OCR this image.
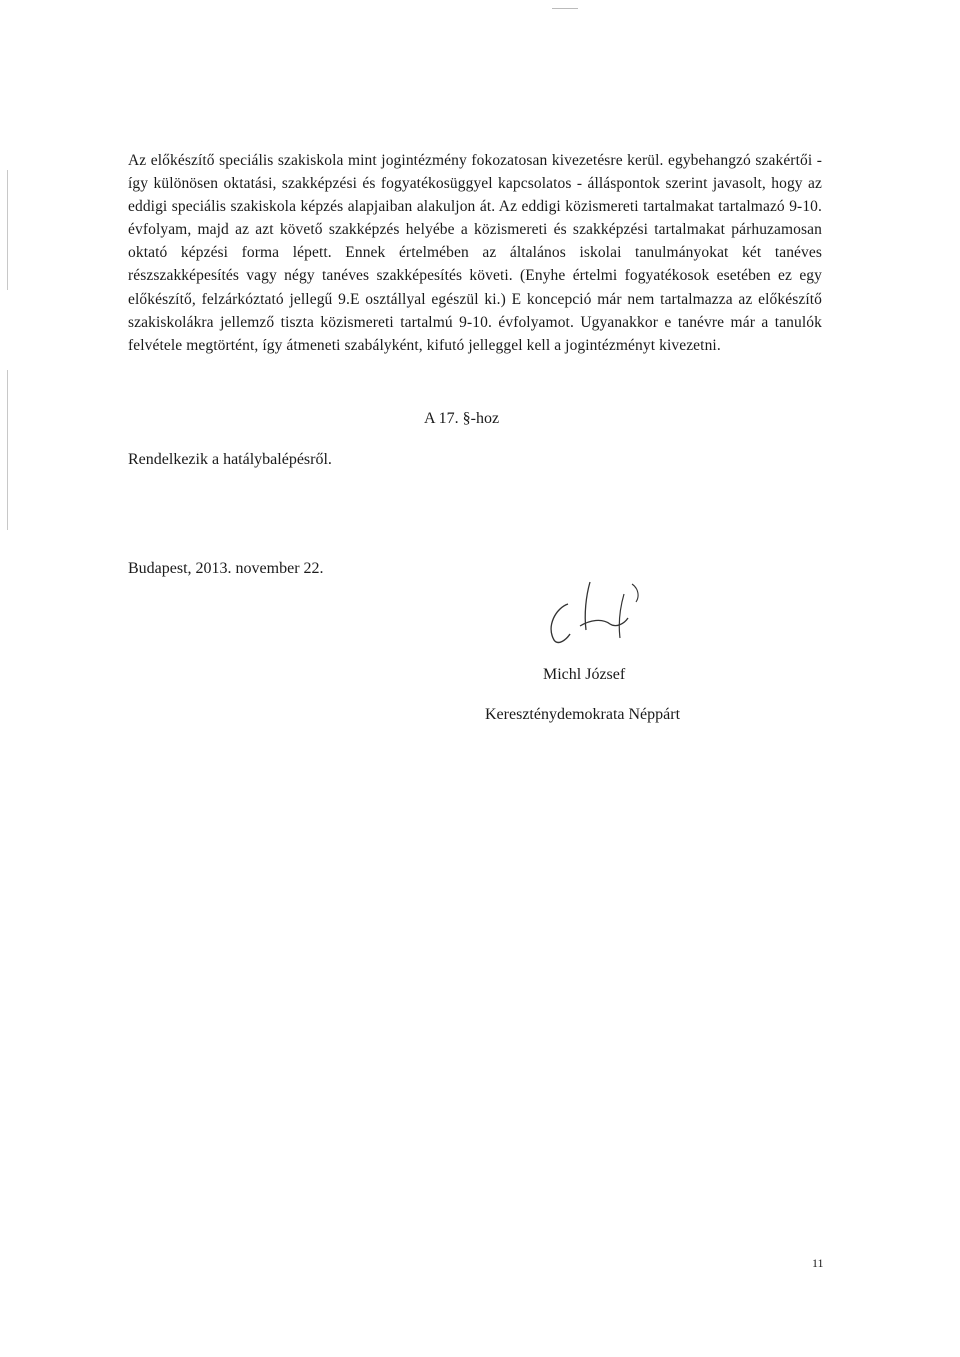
Az előkészítő speciális szakiskola mint jogintézmény fokozatosan kivezetésre kerül. egybehangzó szakértői - így különösen oktatási, szakképzési és fogyatékosüggyel kapcsolatos - álláspontok szerint javasolt, hogy az eddigi speciális szakiskola képzés alapjaiban alakuljon át. Az eddigi közismereti tartalmakat tartalmazó 9-10. évfolyam, majd az azt követő szakképzés helyébe a közismereti és szakképzési tartalmakat párhuzamosan oktató képzési forma lépett. Ennek értelmében az általános iskolai tanulmányokat két tanéves részszakképesítés vagy négy tanéves szakképesítés követi. (Enyhe értelmi fogyatékosok esetében ez egy előkészítő, felzárkóztató jellegű 9.E osztállyal egészül ki.) E koncepció már nem tartalmazza az előkészítő szakiskolákra jellemző tiszta közismereti tartalmú 9-10. évfolyamot. Ugyanakkor e tanévre már a tanulók felvétele megtörtént, így átmeneti szabályként, kifutó jelleggel kell a jogintézményt kivezetni.

A 17. §-hoz

Rendelkezik a hatálybalépésről.

Budapest, 2013. november 22.

Michl József

Kereszténydemokrata Néppárt

11
